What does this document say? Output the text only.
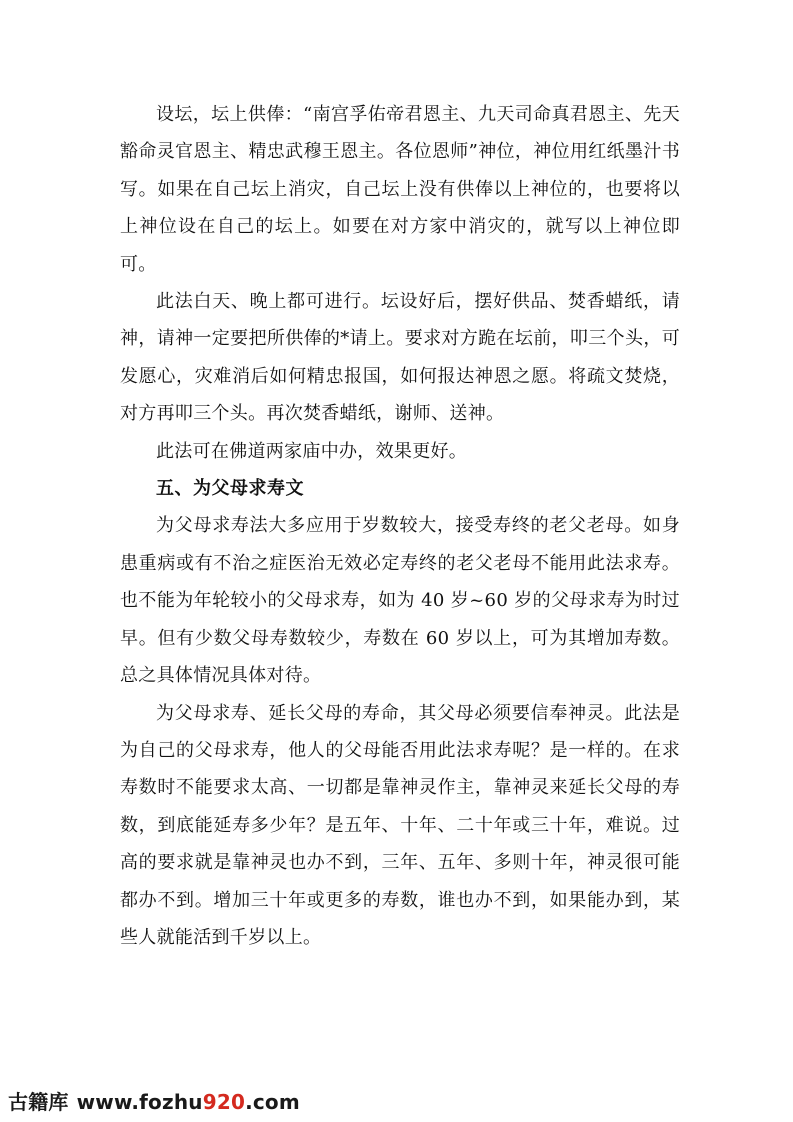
设坛，坛上供俸：“南宫孚佑帝君恩主、九天司命真君恩主、先天豁命灵官恩主、精忠武穆王恩主。各位恩师”神位，神位用红纸墨汁书写。如果在自己坛上消灾，自己坛上没有供俸以上神位的，也要将以上神位设在自己的坛上。如要在对方家中消灾的，就写以上神位即可。

此法白天、晚上都可进行。坛设好后，摆好供品、焚香蜡纸，请神，请神一定要把所供俸的*请上。要求对方跪在坛前，叩三个头，可发愿心，灾难消后如何精忠报国，如何报达神恩之愿。将疏文焚烧，对方再叩三个头。再次焚香蜡纸，谢师、送神。

此法可在佛道两家庙中办，效果更好。

五、为父母求寿文

为父母求寿法大多应用于岁数较大，接受寿终的老父老母。如身患重病或有不治之症医治无效必定寿终的老父老母不能用此法求寿。也不能为年轮较小的父母求寿，如为 40 岁~60 岁的父母求寿为时过早。但有少数父母寿数较少，寿数在 60 岁以上，可为其增加寿数。总之具体情况具体对待。

为父母求寿、延长父母的寿命，其父母必须要信奉神灵。此法是为自己的父母求寿，他人的父母能否用此法求寿呢？是一样的。在求寿数时不能要求太高、一切都是靠神灵作主，靠神灵来延长父母的寿数，到底能延寿多少年？是五年、十年、二十年或三十年，难说。过高的要求就是靠神灵也办不到，三年、五年、多则十年，神灵很可能都办不到。增加三十年或更多的寿数，谁也办不到，如果能办到，某些人就能活到千岁以上。

古籍库 www.fozhu920.com
